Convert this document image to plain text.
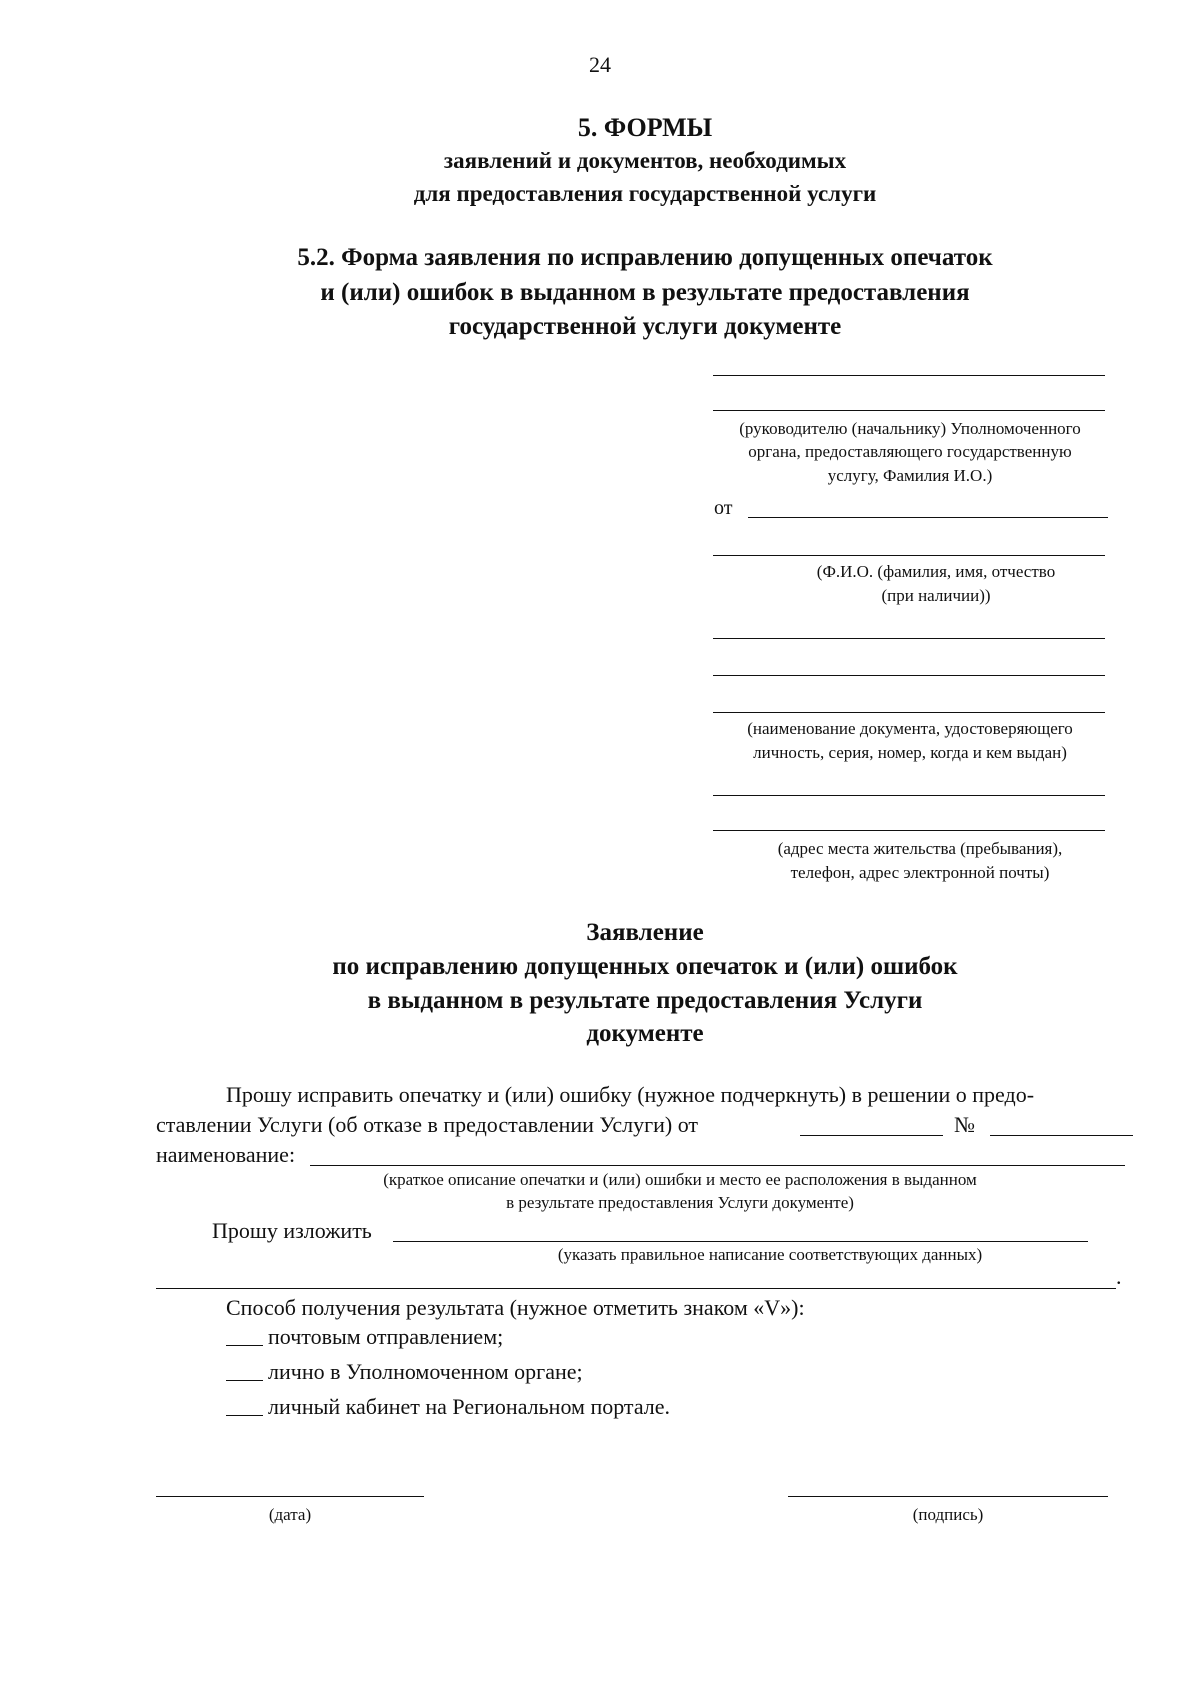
24
5. ФОРМЫ
заявлений и документов, необходимых
для предоставления государственной услуги
5.2. Форма заявления по исправлению допущенных опечаток
и (или) ошибок в выданном в результате предоставления
государственной услуги документе
(руководителю (начальнику) Уполномоченного
органа, предоставляющего государственную
услугу, Фамилия И.О.)
от
(Ф.И.О. (фамилия, имя, отчество
(при наличии))
(наименование документа, удостоверяющего
личность, серия, номер, когда и кем выдан)
(адрес места жительства (пребывания),
телефон, адрес электронной почты)
Заявление
по исправлению допущенных опечаток и (или) ошибок
в выданном в результате предоставления Услуги
документе
Прошу исправить опечатку и (или) ошибку (нужное подчеркнуть) в решении о предо-
ставлении Услуги (об отказе в предоставлении Услуги) от	№
наименование:
(краткое описание опечатки и (или) ошибки и место ее расположения в выданном
в результате предоставления Услуги документе)
Прошу изложить
(указать правильное написание соответствующих данных)
.
Способ получения результата (нужное отметить знаком «V»):
почтовым отправлением;
лично в Уполномоченном органе;
личный кабинет на Региональном портале.
(дата)	(подпись)
